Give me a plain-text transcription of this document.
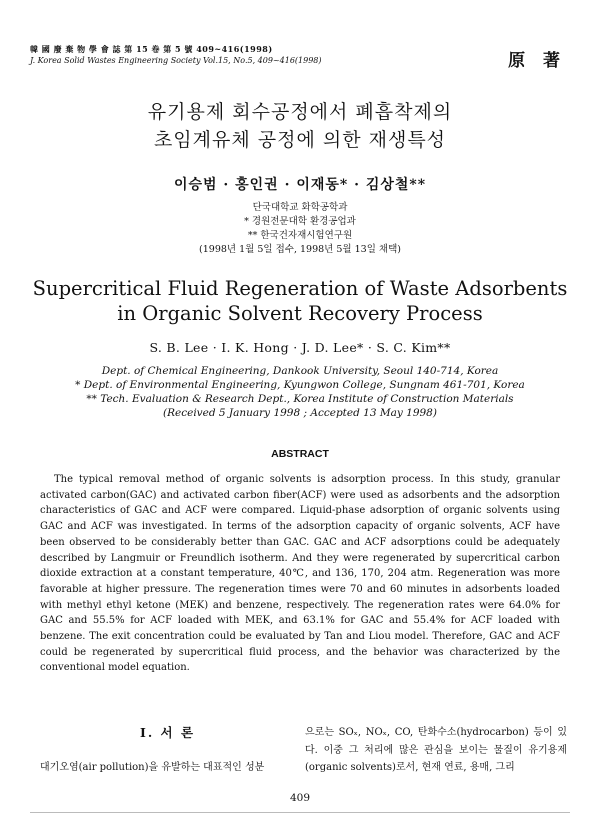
韓 國 廢 棄 物 學 會 誌 第 15 卷 第 5 號 409~416(1998)
J. Korea Solid Wastes Engineering Society Vol.15, No.5, 409~416(1998)	原 著
유기용제 회수공정에서 폐흡착제의
초임계유체 공정에 의한 재생특성
이승범 · 홍인권 · 이재동* · 김상철**
단국대학교 화학공학과
* 경원전문대학 환경공업과
** 한국건자재시험연구원
(1998년 1월 5일 접수, 1998년 5월 13일 채택)
Supercritical Fluid Regeneration of Waste Adsorbents
in Organic Solvent Recovery Process
S. B. Lee · I. K. Hong · J. D. Lee* · S. C. Kim**
Dept. of Chemical Engineering, Dankook University, Seoul 140-714, Korea
* Dept. of Environmental Engineering, Kyungwon College, Sungnam 461-701, Korea
** Tech. Evaluation & Research Dept., Korea Institute of Construction Materials
(Received 5 January 1998 ; Accepted 13 May 1998)
ABSTRACT

The typical removal method of organic solvents is adsorption process. In this study, granular activated carbon(GAC) and activated carbon fiber(ACF) were used as adsorbents and the adsorption characteristics of GAC and ACF were compared. Liquid-phase adsorption of organic solvents using GAC and ACF was investigated. In terms of the adsorption capacity of organic solvents, ACF have been observed to be considerably better than GAC. GAC and ACF adsorptions could be adequately described by Langmuir or Freundlich isotherm. And they were regenerated by supercritical carbon dioxide extraction at a constant temperature, 40℃, and 136, 170, 204 atm. Regeneration was more favorable at higher pressure. The regeneration times were 70 and 60 minutes in adsorbents loaded with methyl ethyl ketone (MEK) and benzene, respectively. The regeneration rates were 64.0% for GAC and 55.5% for ACF loaded with MEK, and 63.1% for GAC and 55.4% for ACF loaded with benzene. The exit concentration could be evaluated by Tan and Liou model. Therefore, GAC and ACF could be regenerated by supercritical fluid process, and the behavior was characterized by the conventional model equation.

Ⅰ. 서 론

대기오염(air pollution)을 유발하는 대표적인 성분

으로는 SOₓ, NOₓ, CO, 탄화수소(hydrocarbon) 등이 있다. 이중 그 처리에 많은 관심을 보이는 물질이 유기용제(organic solvents)로서, 현재 연료, 용매, 그리

409
